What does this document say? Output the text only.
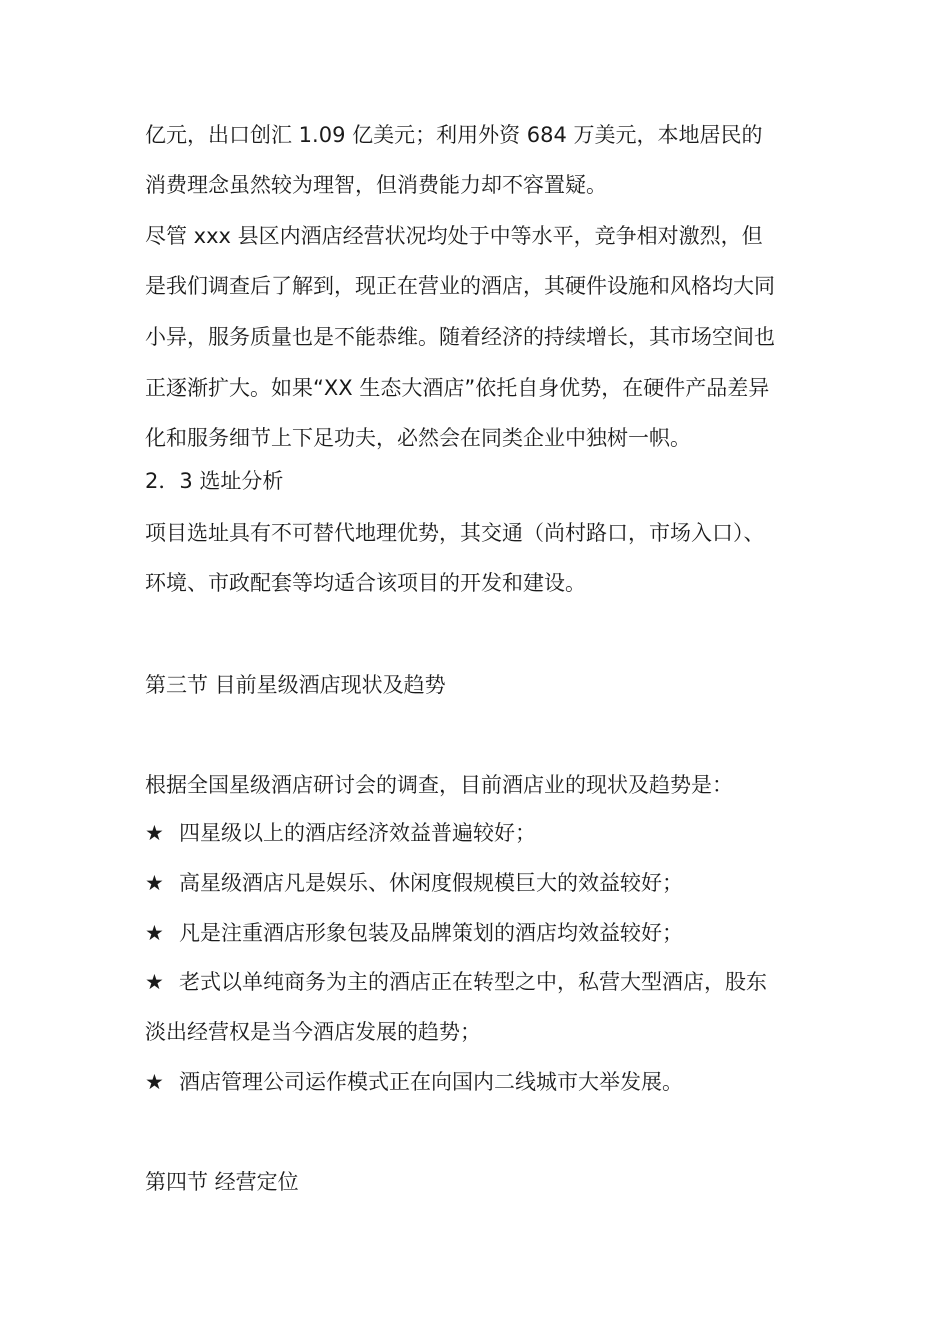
亿元，出口创汇 1.09 亿美元；利用外资 684 万美元，本地居民的
消费理念虽然较为理智，但消费能力却不容置疑。
尽管 xxx 县区内酒店经营状况均处于中等水平，竞争相对激烈，但
是我们调查后了解到，现正在营业的酒店，其硬件设施和风格均大同
小异，服务质量也是不能恭维。随着经济的持续增长，其市场空间也
正逐渐扩大。如果“XX 生态大酒店”依托自身优势，在硬件产品差异
化和服务细节上下足功夫，必然会在同类企业中独树一帜。
2．3 选址分析
项目选址具有不可替代地理优势，其交通（尚村路口，市场入口）、
环境、市政配套等均适合该项目的开发和建设。
第三节 目前星级酒店现状及趋势
根据全国星级酒店研讨会的调查，目前酒店业的现状及趋势是：
★ 四星级以上的酒店经济效益普遍较好；
★ 高星级酒店凡是娱乐、休闲度假规模巨大的效益较好；
★ 凡是注重酒店形象包装及品牌策划的酒店均效益较好；
★ 老式以单纯商务为主的酒店正在转型之中，私营大型酒店，股东
淡出经营权是当今酒店发展的趋势；
★ 酒店管理公司运作模式正在向国内二线城市大举发展。
第四节 经营定位
